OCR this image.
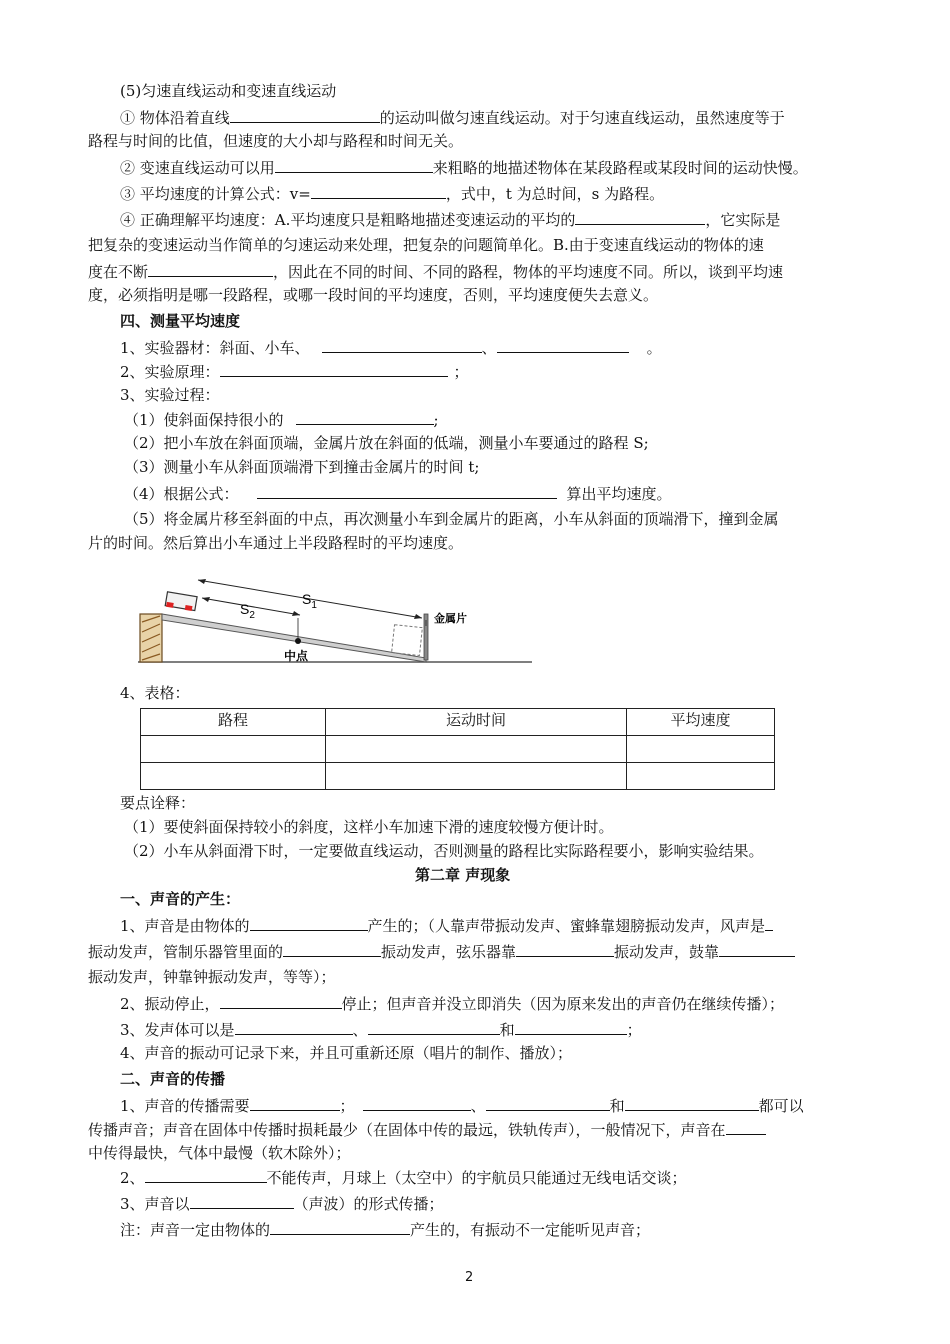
(5)匀速直线运动和变速直线运动
① 物体沿着直线	的运动叫做匀速直线运动。对于匀速直线运动，虽然速度等于
路程与时间的比值，但速度的大小却与路程和时间无关。
② 变速直线运动可以用	来粗略的地描述物体在某段路程或某段时间的运动快慢。
③ 平均速度的计算公式：v=	，式中，t 为总时间，s 为路程。
④ 正确理解平均速度：A.平均速度只是粗略地描述变速运动的平均的	，它实际是
把复杂的变速运动当作简单的匀速运动来处理，把复杂的问题简单化。B.由于变速直线运动的物体的速
度在不断	，因此在不同的时间、不同的路程，物体的平均速度不同。所以，谈到平均速
度，必须指明是哪一段路程，或哪一段时间的平均速度，否则，平均速度便失去意义。
四、测量平均速度
1、实验器材：斜面、小车、	、	。
2、实验原理：	；
3、实验过程：
（1）使斜面保持很小的	;
（2）把小车放在斜面顶端，金属片放在斜面的低端，测量小车要通过的路程 S;
（3）测量小车从斜面顶端滑下到撞击金属片的时间 t;
（4）根据公式：	算出平均速度。
（5）将金属片移至斜面的中点，再次测量小车到金属片的距离，小车从斜面的顶端滑下，撞到金属
片的时间。然后算出小车通过上半段路程时的平均速度。
$S_1$
$S_2$
中点
金属片
4、表格：
路程	运动时间	平均速度

要点诠释：
（1）要使斜面保持较小的斜度，这样小车加速下滑的速度较慢方便计时。
（2）小车从斜面滑下时，一定要做直线运动，否则测量的路程比实际路程要小，影响实验结果。
第二章 声现象
一、声音的产生：
1、声音是由物体的	产生的；（人靠声带振动发声、蜜蜂靠翅膀振动发声，风声是
振动发声，管制乐器管里面的	振动发声，弦乐器靠	振动发声，鼓靠
振动发声，钟靠钟振动发声，等等）；
2、振动停止，	停止；但声音并没立即消失（因为原来发出的声音仍在继续传播）；
3、发声体可以是	、	和	；
4、声音的振动可记录下来，并且可重新还原（唱片的制作、播放）；
二、声音的传播
1、声音的传播需要	；	、	和	都可以
传播声音；声音在固体中传播时损耗最少（在固体中传的最远，铁轨传声），一般情况下，声音在
中传得最快，气体中最慢（软木除外）；
2、	不能传声，月球上（太空中）的宇航员只能通过无线电话交谈；
3、声音以	（声波）的形式传播；
注：声音一定由物体的	产生的，有振动不一定能听见声音；
2
